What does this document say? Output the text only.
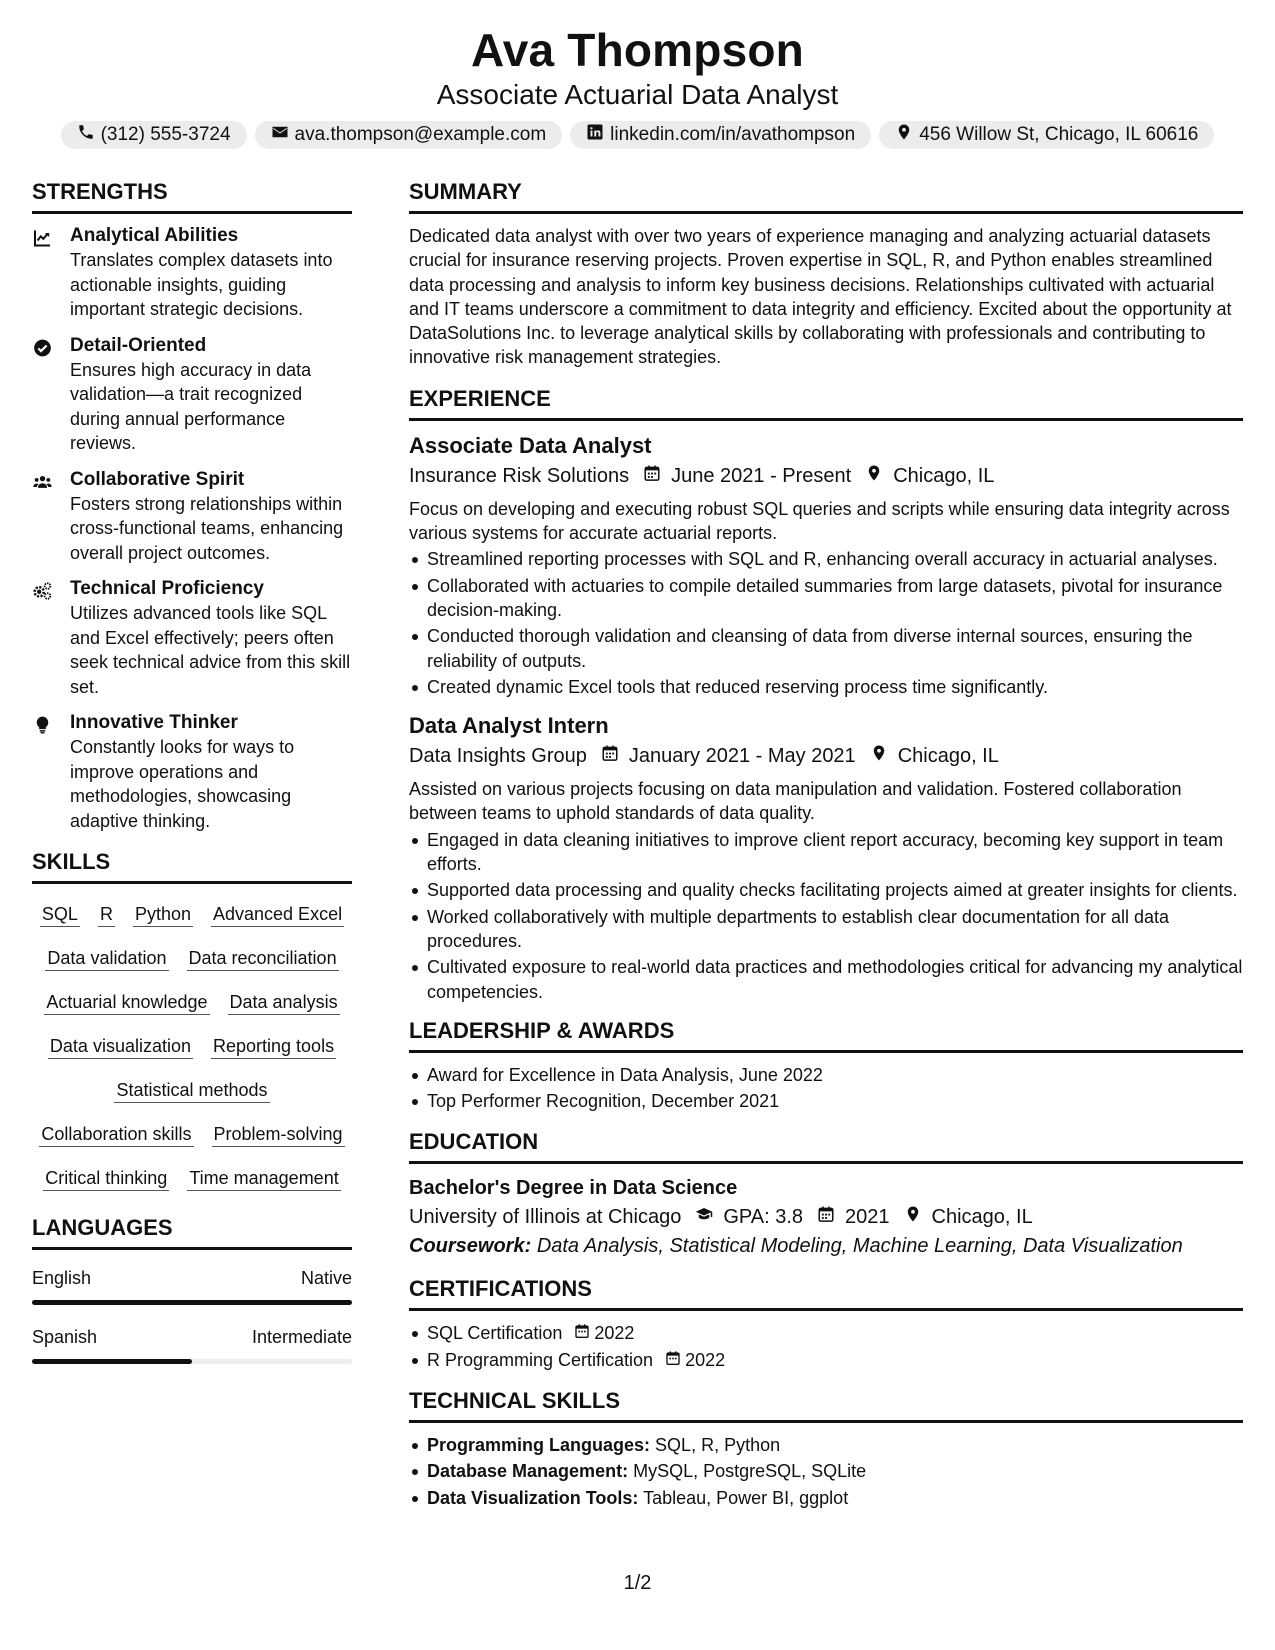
Ava Thompson
Associate Actuarial Data Analyst
(312) 555-3724	ava.thompson@example.com	linkedin.com/in/avathompson	456 Willow St, Chicago, IL 60616
STRENGTHS
Analytical Abilities
Translates complex datasets into actionable insights, guiding important strategic decisions.
Detail-Oriented
Ensures high accuracy in data validation—a trait recognized during annual performance reviews.
Collaborative Spirit
Fosters strong relationships within cross-functional teams, enhancing overall project outcomes.
Technical Proficiency
Utilizes advanced tools like SQL and Excel effectively; peers often seek technical advice from this skill set.
Innovative Thinker
Constantly looks for ways to improve operations and methodologies, showcasing adaptive thinking.
SKILLS
SQL R Python Advanced Excel
Data validation Data reconciliation
Actuarial knowledge Data analysis
Data visualization Reporting tools
Statistical methods
Collaboration skills Problem-solving
Critical thinking Time management
LANGUAGES
English	Native
Spanish	Intermediate
SUMMARY
Dedicated data analyst with over two years of experience managing and analyzing actuarial datasets crucial for insurance reserving projects. Proven expertise in SQL, R, and Python enables streamlined data processing and analysis to inform key business decisions. Relationships cultivated with actuarial and IT teams underscore a commitment to data integrity and efficiency. Excited about the opportunity at DataSolutions Inc. to leverage analytical skills by collaborating with professionals and contributing to innovative risk management strategies.
EXPERIENCE
Associate Data Analyst
Insurance Risk Solutions June 2021 - Present Chicago, IL
Focus on developing and executing robust SQL queries and scripts while ensuring data integrity across various systems for accurate actuarial reports.
Streamlined reporting processes with SQL and R, enhancing overall accuracy in actuarial analyses.
Collaborated with actuaries to compile detailed summaries from large datasets, pivotal for insurance decision-making.
Conducted thorough validation and cleansing of data from diverse internal sources, ensuring the reliability of outputs.
Created dynamic Excel tools that reduced reserving process time significantly.
Data Analyst Intern
Data Insights Group January 2021 - May 2021 Chicago, IL
Assisted on various projects focusing on data manipulation and validation. Fostered collaboration between teams to uphold standards of data quality.
Engaged in data cleaning initiatives to improve client report accuracy, becoming key support in team efforts.
Supported data processing and quality checks facilitating projects aimed at greater insights for clients.
Worked collaboratively with multiple departments to establish clear documentation for all data procedures.
Cultivated exposure to real-world data practices and methodologies critical for advancing my analytical competencies.
LEADERSHIP & AWARDS
Award for Excellence in Data Analysis, June 2022
Top Performer Recognition, December 2021
EDUCATION
Bachelor's Degree in Data Science
University of Illinois at Chicago GPA: 3.8 2021 Chicago, IL
Coursework: Data Analysis, Statistical Modeling, Machine Learning, Data Visualization
CERTIFICATIONS
SQL Certification 2022
R Programming Certification 2022
TECHNICAL SKILLS
Programming Languages: SQL, R, Python
Database Management: MySQL, PostgreSQL, SQLite
Data Visualization Tools: Tableau, Power BI, ggplot
1/2
